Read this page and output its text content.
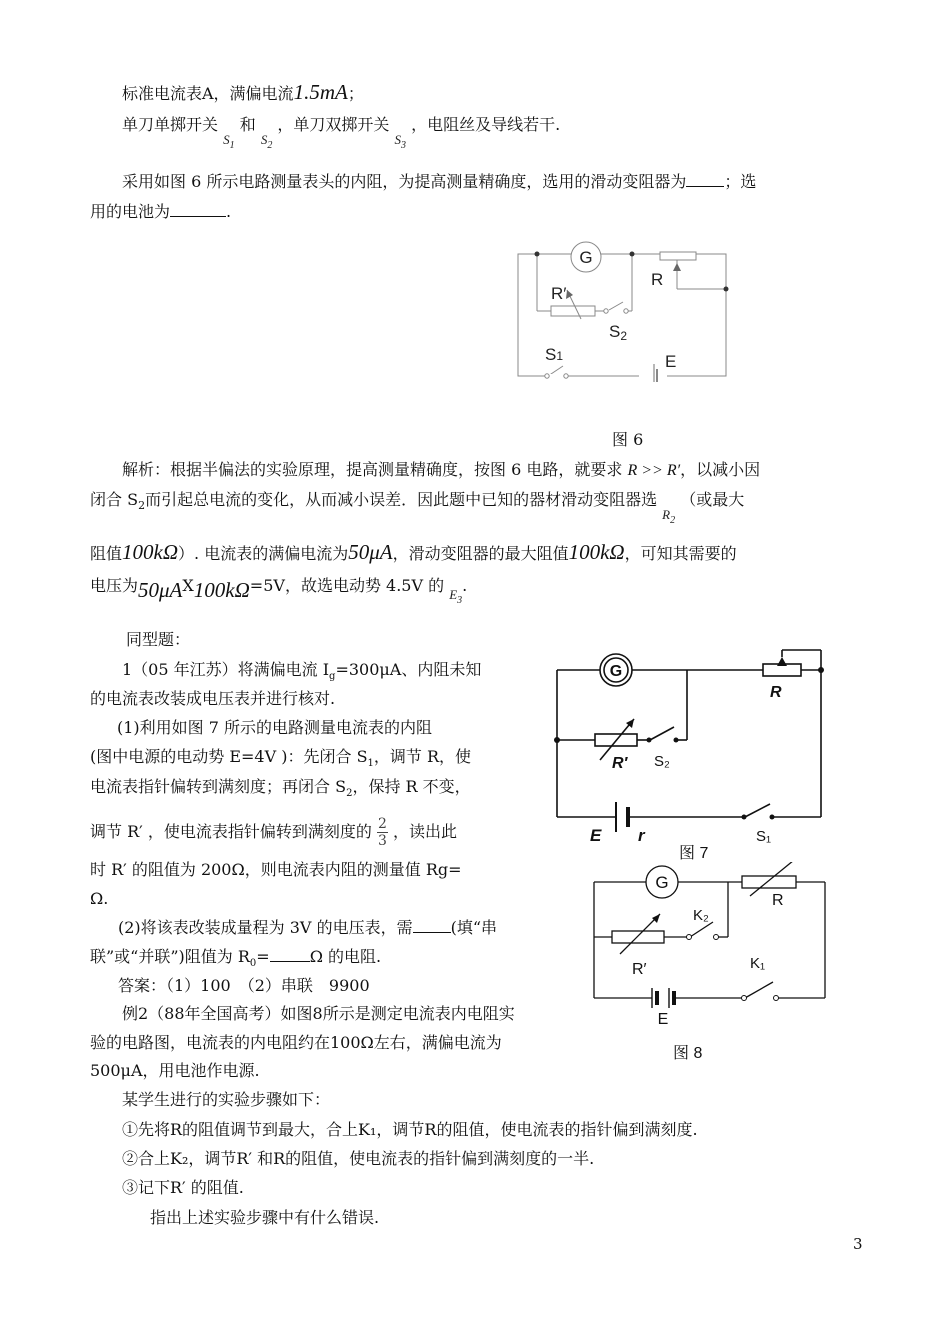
标准电流表A，满偏电流1.5mA；
单刀单掷开关 $_{S_1}$ 和 $_{S_2}$ ，单刀双掷开关 $_{S_3}$ ，电阻丝及导线若干.
采用如图 6 所示电路测量表头的内阻，为提高测量精确度，选用的滑动变阻器为 ；选
用的电池为	.
G
R
R′
S2
S1	E
图 6
解析：根据半偏法的实验原理，提高测量精确度，按图 6 电路，就要求 R >> R′，以减小因
闭合 $S_2$而引起总电流的变化，从而减小误差．因此题中已知的器材滑动变阻器选 $_{R_2}$ （或最大
阻值100kΩ）. 电流表的满偏电流为50μA，滑动变阻器的最大阻值100kΩ，可知其需要的
电压为50μAX100kΩ=5V，故选电动势 4.5V 的 $_{E_3}$.
同型题：
1（05 年江苏）将满偏电流 $I_g=300\mu A$、内阻未知
的电流表改装成电压表并进行核对.
(1)利用如图 7 所示的电路测量电流表的内阻
(图中电源的电动势 E=4V )：先闭合 $S_1$，调节 R，使
电流表指针偏转到满刻度；再闭合 $S_2$，保持 R 不变，
调节 R′ ，使电流表指针偏转到满刻度的 $\frac{2}{3}$ ，读出此
时 R′ 的阻值为 200Ω，则电流表内阻的测量值 Rg=
Ω.
(2)将该表改装成量程为 3V 的电压表，需 (填“串
联”或“并联”)阻值为 $R_0=$	Ω 的电阻.
答案：（1）100　（2）串联　9900
例2（88年全国高考）如图8所示是测定电流表内电阻实
验的电路图，电流表的内电阻约在100Ω左右，满偏电流为
500μA，用电池作电源.
某学生进行的实验步骤如下：
①先将R的阻值调节到最大，合上K₁，调节R的阻值，使电流表的指针偏到满刻度.
②合上K₂，调节R′ 和R的阻值，使电流表的指针偏到满刻度的一半.
③记下R′ 的阻值.
指出上述实验步骤中有什么错误.
G
R
R′ S₂
E r	S₁
图 7
G
R
K₂
R′	K₁
E
图 8
3
